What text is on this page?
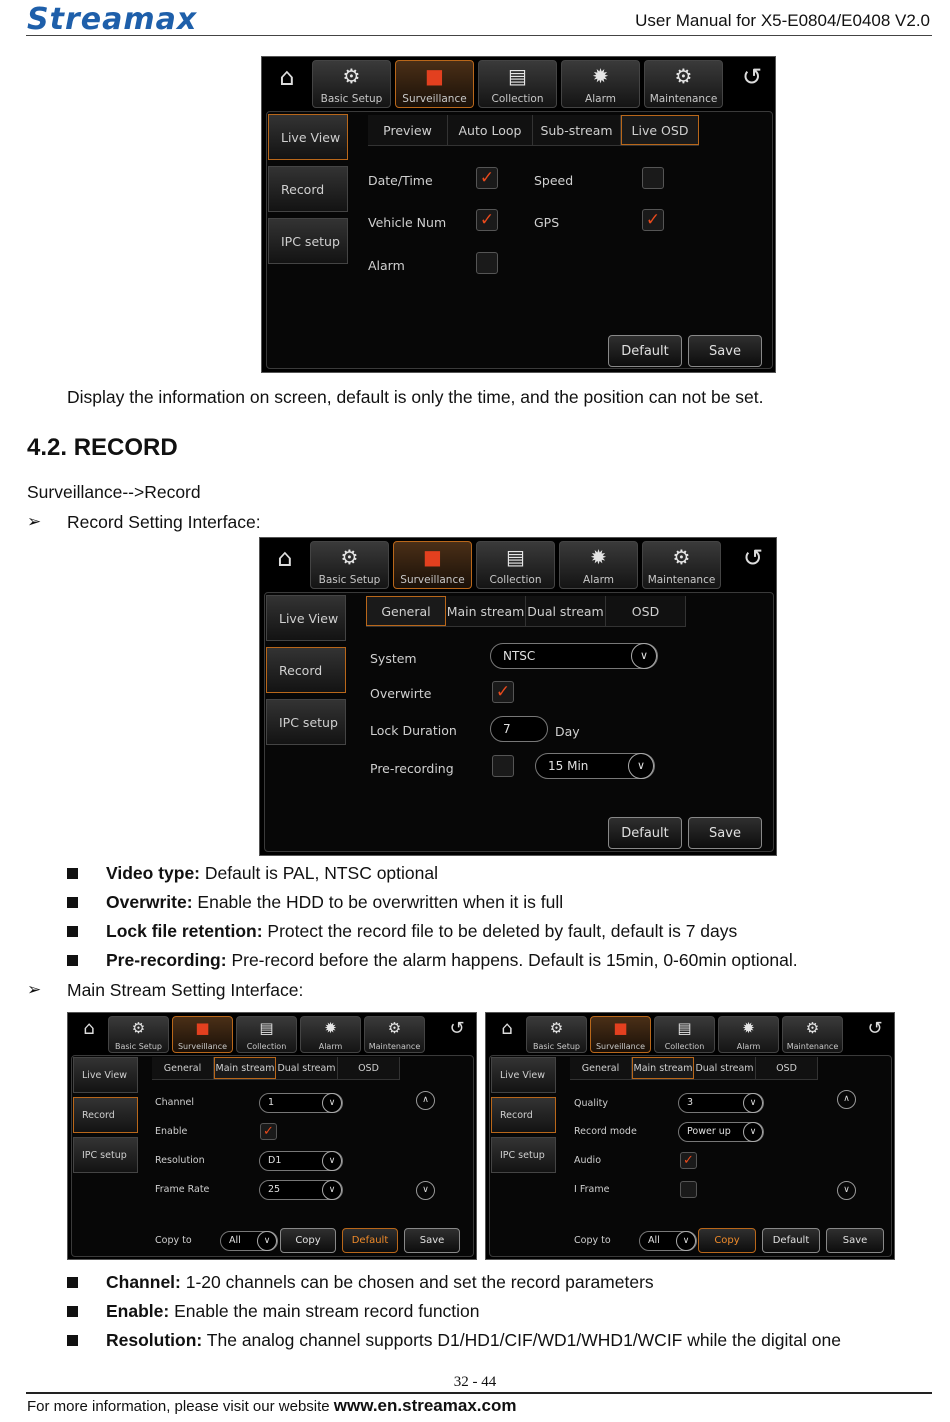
Streamax	User Manual for X5-E0804/E0408 V2.0
⌂	⚙
Basic Setup
■
Surveillance
▤
Collection
✹
Alarm
⚙
Maintenance
↺
Live View
Record
IPC setup
Preview	Auto Loop	Sub-stream	Live OSD
Date/Time	✓	Speed
Vehicle Num ✓	GPS	✓
Alarm
Default	Save
Display the information on screen, default is only the time, and the position can not be set.
4.2. RECORD
Surveillance-->Record
➢ Record Setting Interface:
⌂	⚙
Basic Setup
■
Surveillance
▤
Collection
✹
Alarm
⚙
Maintenance
↺
Live View
Record
IPC setup
General	Main stream Dual stream	OSD
System	NTSC	∨
Overwirte	✓
Lock Duration	7	Day
Pre-recording	15 Min	∨
Default	Save
Video type: Default is PAL, NTSC optional
Overwrite: Enable the HDD to be overwritten when it is full
Lock file retention: Protect the record file to be deleted by fault, default is 7 days
Pre-recording: Pre-record before the alarm happens. Default is 15min, 0-60min optional.
➢ Main Stream Setting Interface:
⌂	⚙
Basic Setup
■
Surveillance
▤
Collection
✹
Alarm
⚙
Maintenance
↺
Live View
Record
IPC setup
General	Main stream Dual stream	OSD
Channel	1	∨	∧
Enable	✓
Resolution	D1	∨
Frame Rate	25	∨	∨
Copy to	All	∨	Copy	Default	Save
⌂	⚙
Basic Setup
■
Surveillance
▤
Collection
✹
Alarm
⚙
Maintenance
↺
Live View
Record
IPC setup
General	Main stream Dual stream	OSD
Quality	3	∨	∧
Record mode	Power up	∨
Audio	✓
I Frame	∨
Copy to	All	∨	Copy	Default	Save
Channel: 1-20 channels can be chosen and set the record parameters
Enable: Enable the main stream record function
Resolution: The analog channel supports D1/HD1/CIF/WD1/WHD1/WCIF while the digital one
32 - 44
For more information, please visit our website www.en.streamax.com
